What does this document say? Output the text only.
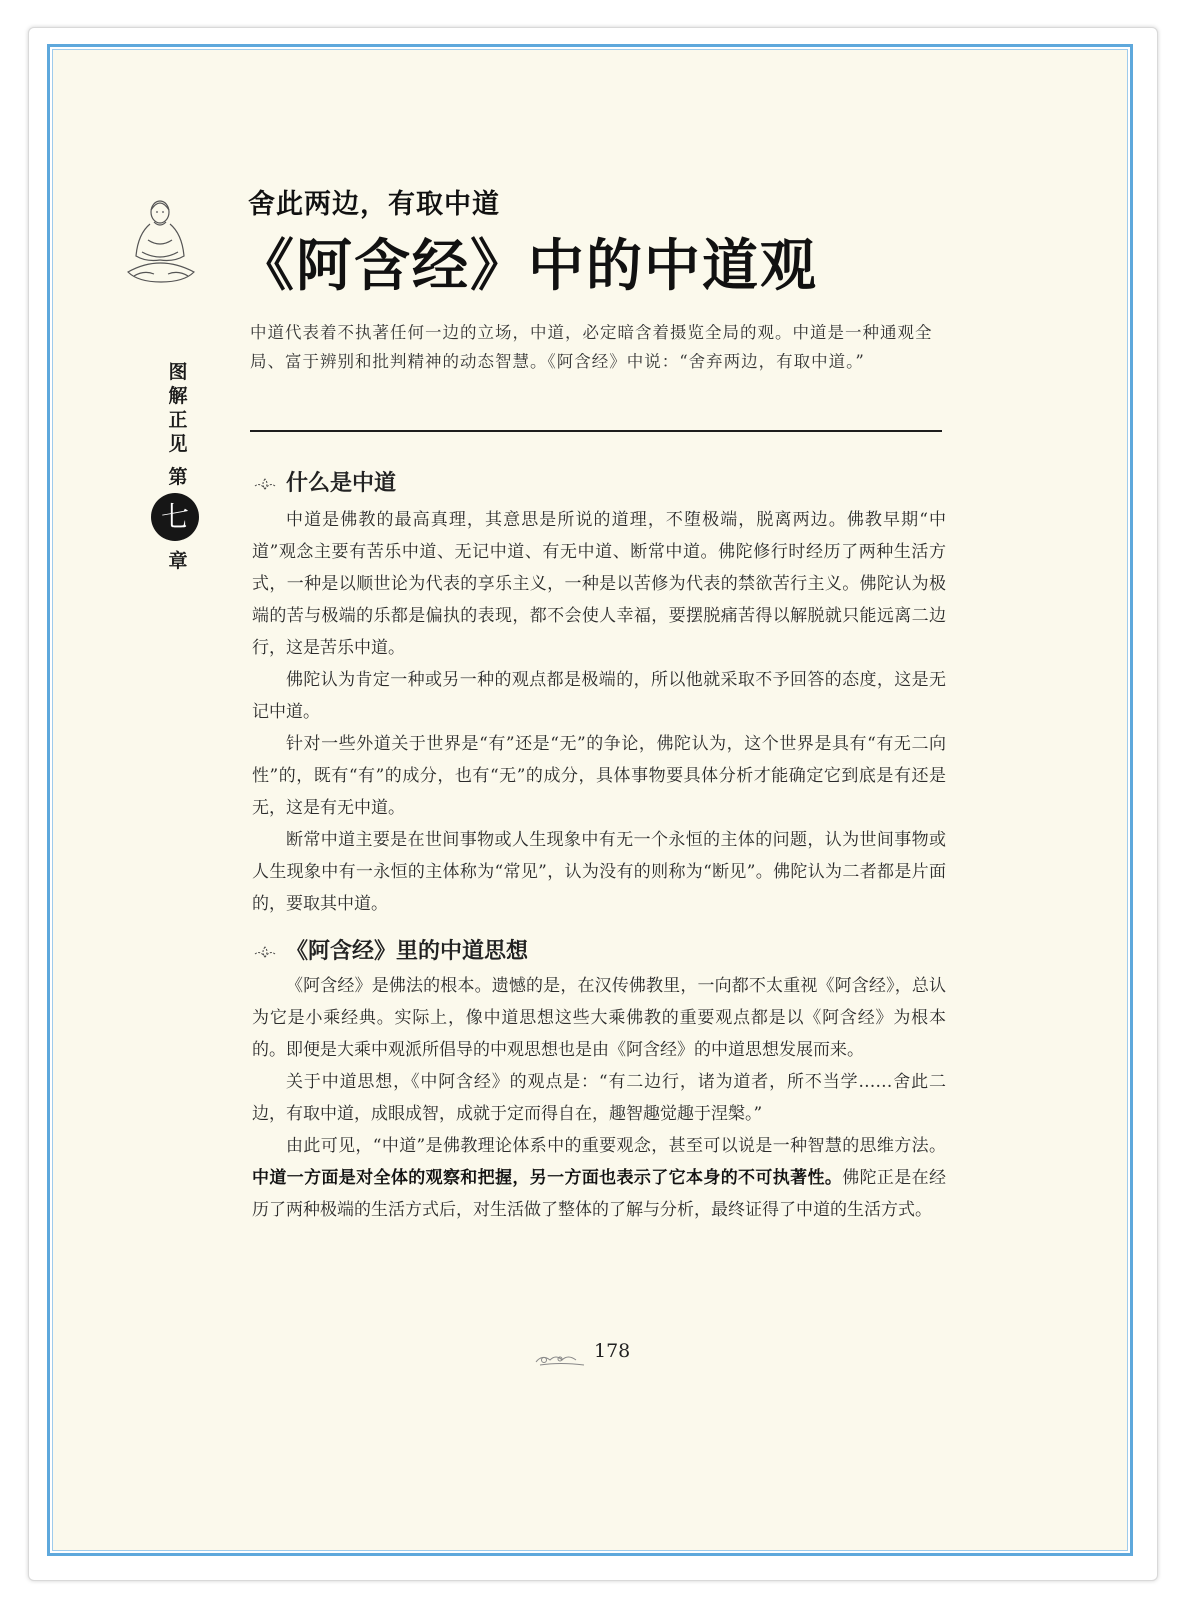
图
解
正
见
第
七
章
舍此两边，有取中道
《阿含经》中的中道观
中道代表着不执著任何一边的立场，中道，必定暗含着摄览全局的观。中道是一种通观全局、富于辨别和批判精神的动态智慧。《阿含经》中说：“舍弃两边，有取中道。”
什么是中道

中道是佛教的最高真理，其意思是所说的道理，不堕极端，脱离两边。佛教早期“中道”观念主要有苦乐中道、无记中道、有无中道、断常中道。佛陀修行时经历了两种生活方式，一种是以顺世论为代表的享乐主义，一种是以苦修为代表的禁欲苦行主义。佛陀认为极端的苦与极端的乐都是偏执的表现，都不会使人幸福，要摆脱痛苦得以解脱就只能远离二边行，这是苦乐中道。

佛陀认为肯定一种或另一种的观点都是极端的，所以他就采取不予回答的态度，这是无记中道。

针对一些外道关于世界是“有”还是“无”的争论，佛陀认为，这个世界是具有“有无二向性”的，既有“有”的成分，也有“无”的成分，具体事物要具体分析才能确定它到底是有还是无，这是有无中道。

断常中道主要是在世间事物或人生现象中有无一个永恒的主体的问题，认为世间事物或人生现象中有一永恒的主体称为“常见”，认为没有的则称为“断见”。佛陀认为二者都是片面的，要取其中道。

《阿含经》里的中道思想

《阿含经》是佛法的根本。遗憾的是，在汉传佛教里，一向都不太重视《阿含经》，总认为它是小乘经典。实际上，像中道思想这些大乘佛教的重要观点都是以《阿含经》为根本的。即便是大乘中观派所倡导的中观思想也是由《阿含经》的中道思想发展而来。

关于中道思想，《中阿含经》的观点是：“有二边行，诸为道者，所不当学……舍此二边，有取中道，成眼成智，成就于定而得自在，趣智趣觉趣于涅槃。”

由此可见，“中道”是佛教理论体系中的重要观念，甚至可以说是一种智慧的思维方法。中道一方面是对全体的观察和把握，另一方面也表示了它本身的不可执著性。佛陀正是在经历了两种极端的生活方式后，对生活做了整体的了解与分析，最终证得了中道的生活方式。

178
